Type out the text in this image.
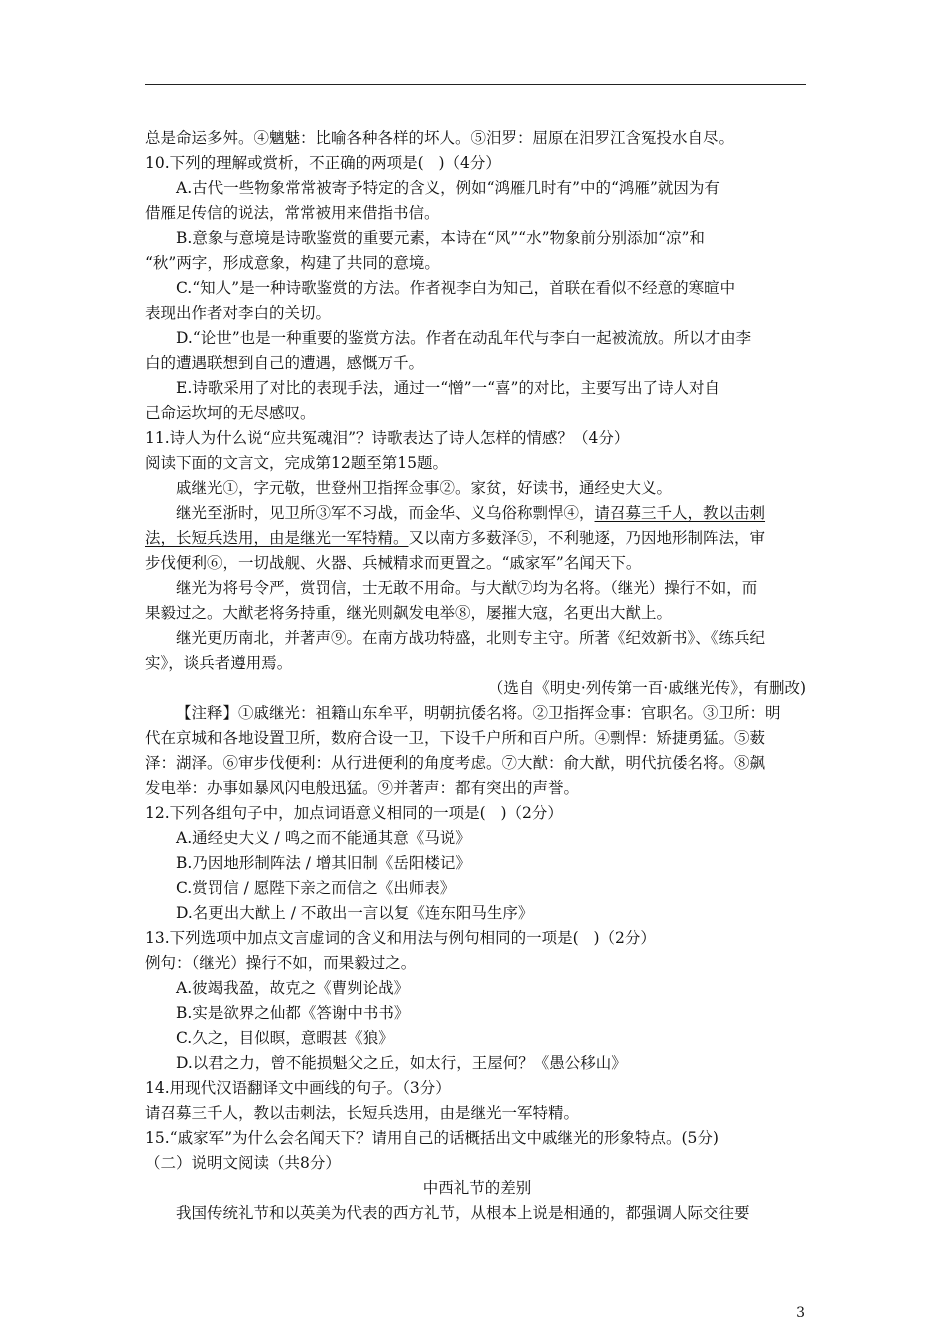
总是命运多舛。④魑魅：比喻各种各样的坏人。⑤汨罗：屈原在汨罗江含冤投水自尽。
10.下列的理解或赏析，不正确的两项是(   )（4分）
A.古代一些物象常常被寄予特定的含义，例如“鸿雁几时有”中的“鸿雁”就因为有
借雁足传信的说法，常常被用来借指书信。
B.意象与意境是诗歌鉴赏的重要元素，本诗在“风”“水”物象前分别添加“凉”和
“秋”两字，形成意象，构建了共同的意境。
C.“知人”是一种诗歌鉴赏的方法。作者视李白为知己，首联在看似不经意的寒暄中
表现出作者对李白的关切。
D.“论世”也是一种重要的鉴赏方法。作者在动乱年代与李白一起被流放。所以才由李
白的遭遇联想到自己的遭遇，感慨万千。
E.诗歌采用了对比的表现手法，通过一“憎”一“喜”的对比，主要写出了诗人对自
己命运坎坷的无尽感叹。
11.诗人为什么说“应共冤魂泪”？诗歌表达了诗人怎样的情感？（4分）
阅读下面的文言文，完成第12题至第15题。
戚继光①，字元敬，世登州卫指挥佥事②。家贫，好读书，通经史大义。
继光至浙时，见卫所③军不习战，而金华、义乌俗称剽悍④，请召募三千人，教以击刺
法，长短兵迭用，由是继光一军特精。又以南方多薮泽⑤，不利驰逐，乃因地形制阵法，审
步伐便利⑥，一切战舰、火器、兵械精求而更置之。“戚家军”名闻天下。
继光为将号令严，赏罚信，士无敢不用命。与大猷⑦均为名将。（继光）操行不如，而
果毅过之。大猷老将务持重，继光则飙发电举⑧，屡摧大寇，名更出大猷上。
继光更历南北，并著声⑨。在南方战功特盛，北则专主守。所著《纪效新书》、《练兵纪
实》，谈兵者遵用焉。
（选自《明史·列传第一百·戚继光传》，有删改)
【注释】①戚继光：祖籍山东牟平，明朝抗倭名将。②卫指挥佥事：官职名。③卫所：明
代在京城和各地设置卫所，数府合设一卫，下设千户所和百户所。④剽悍：矫捷勇猛。⑤薮
泽：湖泽。⑥审步伐便利：从行进便利的角度考虑。⑦大猷：俞大猷，明代抗倭名将。⑧飙
发电举：办事如暴风闪电般迅猛。⑨并著声：都有突出的声誉。
12.下列各组句子中，加点词语意义相同的一项是(   )（2分）
A.通经史大义 / 鸣之而不能通其意《马说》
B.乃因地形制阵法 / 增其旧制《岳阳楼记》
C.赏罚信 / 愿陛下亲之而信之《出师表》
D.名更出大猷上 / 不敢出一言以复《连东阳马生序》
13.下列选项中加点文言虚词的含义和用法与例句相同的一项是(   )（2分）
例句：（继光）操行不如，而果毅过之。
A.彼竭我盈，故克之《曹刿论战》
B.实是欲界之仙都《答谢中书书》
C.久之，目似暝，意暇甚《狼》
D.以君之力，曾不能损魁父之丘，如太行，王屋何？《愚公移山》
14.用现代汉语翻译文中画线的句子。（3分）
请召募三千人，教以击刺法，长短兵迭用，由是继光一军特精。
15.“戚家军”为什么会名闻天下？请用自己的话概括出文中戚继光的形象特点。(5分)
（二）说明文阅读（共8分）
中西礼节的差别
我国传统礼节和以英美为代表的西方礼节，从根本上说是相通的，都强调人际交往要
3
